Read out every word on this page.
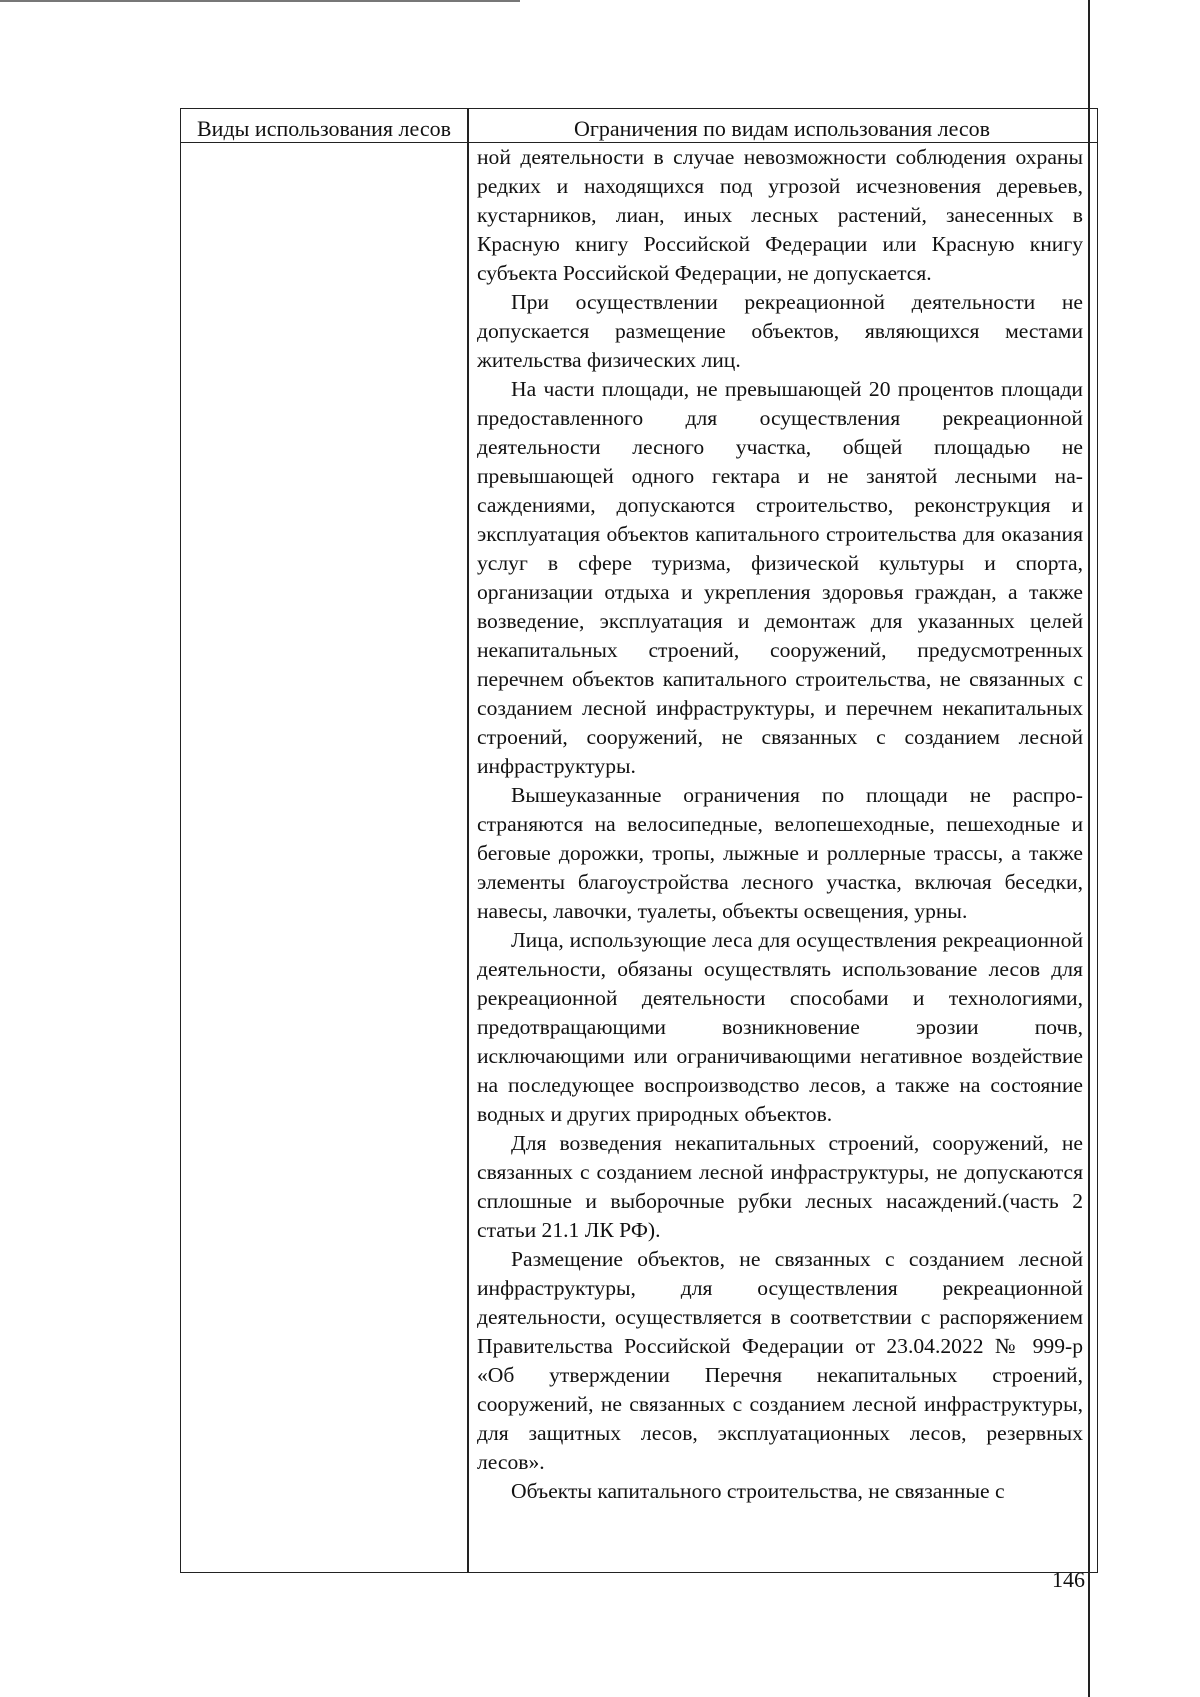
Виды использования лесов	Ограничения по видам использования лесов

ной деятельности в случае невозможности соблюдения охраны редких и находящихся под угрозой исчезновения деревьев, кустарников, лиан, иных лесных растений, занесенных в Красную книгу Российской Федерации или Красную книгу субъекта Российской Федерации, не допускается.

При осуществлении рекреационной деятельности не допускается размещение объектов, являющихся местами жительства физических лиц.

На части площади, не превышающей 20 процентов площади предоставленного для осуществления рекреационной деятельности лесного участка, общей площадью не превышающей одного гектара и не занятой лесными насаждениями, допускаются строительство, реконструкция и эксплуатация объектов капитального строительства для оказания услуг в сфере туризма, физической культуры и спорта, организации отдыха и укрепления здоровья граждан, а также возведение, эксплуатация и демонтаж для указанных целей некапитальных строений, сооружений, предусмотренных перечнем объектов капитального строительства, не связанных с созданием лесной инфраструктуры, и перечнем некапитальных строений, сооружений, не связанных с созданием лесной инфраструктуры.

Вышеуказанные ограничения по площади не распространяются на велосипедные, велопешеходные, пешеходные и беговые дорожки, тропы, лыжные и роллерные трассы, а также элементы благоустройства лесного участка, включая беседки, навесы, лавочки, туалеты, объекты освещения, урны.

Лица, использующие леса для осуществления рекреационной деятельности, обязаны осуществлять использование лесов для рекреационной деятельности способами и технологиями, предотвращающими возникновение эрозии почв, исключающими или ограничивающими негативное воздействие на последующее воспроизводство лесов, а также на состояние водных и других природных объектов.

Для возведения некапитальных строений, сооружений, не связанных с созданием лесной инфраструктуры, не допускаются сплошные и выборочные рубки лесных насаждений.(часть 2 статьи 21.1 ЛК РФ).

Размещение объектов, не связанных с созданием лесной инфраструктуры, для осуществления рекреационной деятельности, осуществляется в соответствии с распоряжением Правительства Российской Федерации от 23.04.2022 № 999-р «Об утверждении Перечня некапитальных строений, сооружений, не связанных с созданием лесной инфраструктуры, для защитных лесов, эксплуатационных лесов, резервных лесов».

Объекты капитального строительства, не связанные с

146
